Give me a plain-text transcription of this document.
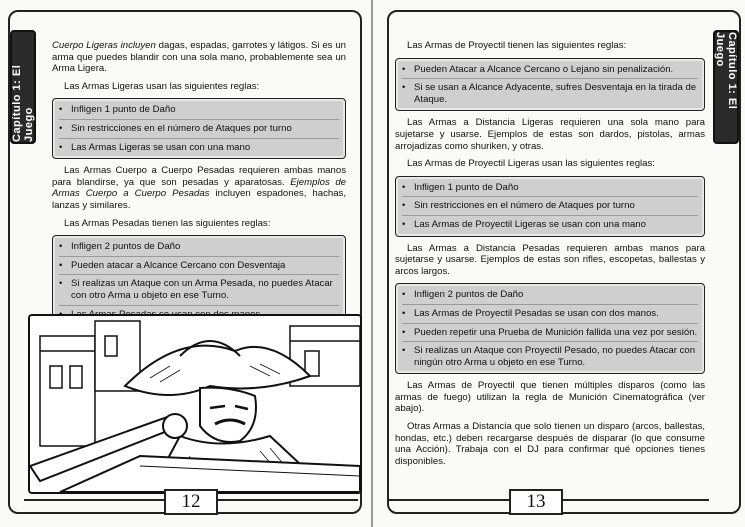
Capítulo 1: El Juego

Cuerpo Ligeras incluyen dagas, espadas, garrotes y látigos. Si es un arma que puedes blandir con una sola mano, probablemente sea un Arma Ligera.

Las Armas Ligeras usan las siguientes reglas:

• Infligen 1 punto de Daño
• Sin restricciones en el número de Ataques por turno
• Las Armas Ligeras se usan con una mano

Las Armas Cuerpo a Cuerpo Pesadas requieren ambas manos para blandirse, ya que son pesadas y aparatosas. Ejemplos de Armas Cuerpo a Cuerpo Pesadas incluyen espadones, hachas, lanzas y similares.

Las Armas Pesadas tienen las siguientes reglas:

• Infligen 2 puntos de Daño
• Pueden atacar a Alcance Cercano con Desventaja
• Si realizas un Ataque con un Arma Pesada, no puedes Atacar con otro Arma u objeto en ese Turno.
12
Capítulo 1: El Juego

Las Armas de Proyectil tienen las siguientes reglas:

• Pueden Atacar a Alcance Cercano o Lejano sin penalización.
• Si se usan a Alcance Adyacente, sufres Desventaja en la tirada de Ataque.

Las Armas a Distancia Ligeras requieren una sola mano para sujetarse y usarse. Ejemplos de estas son dardos, pistolas, armas arrojadizas como shuriken, y otras.

Las Armas de Proyectil Ligeras usan las siguientes reglas:

• Infligen 1 punto de Daño
• Sin restricciones en el número de Ataques por turno
• Las Armas de Proyectil Ligeras se usan con una mano

Las Armas a Distancia Pesadas requieren ambas manos para sujetarse y usarse. Ejemplos de estas son rifles, escopetas, ballestas y arcos largos.

• Infligen 2 puntos de Daño
• Las Armas de Proyectil Pesadas se usan con dos manos.
• Pueden repetir una Prueba de Munición fallida una vez por sesión.
• Si realizas un Ataque con Proyectil Pesado, no puedes Atacar con ningún otro Arma u objeto en ese Turno.

Las Armas de Proyectil que tienen múltiples disparos (como las armas de fuego) utilizan la regla de Munición Cinematográfica (ver abajo).

Otras Armas a Distancia que solo tienen un disparo (arcos, ballestas, hondas, etc.) deben recargarse después de disparar (lo que consume una Acción). Trabaja con el DJ para confirmar qué opciones tienes disponibles.

13
